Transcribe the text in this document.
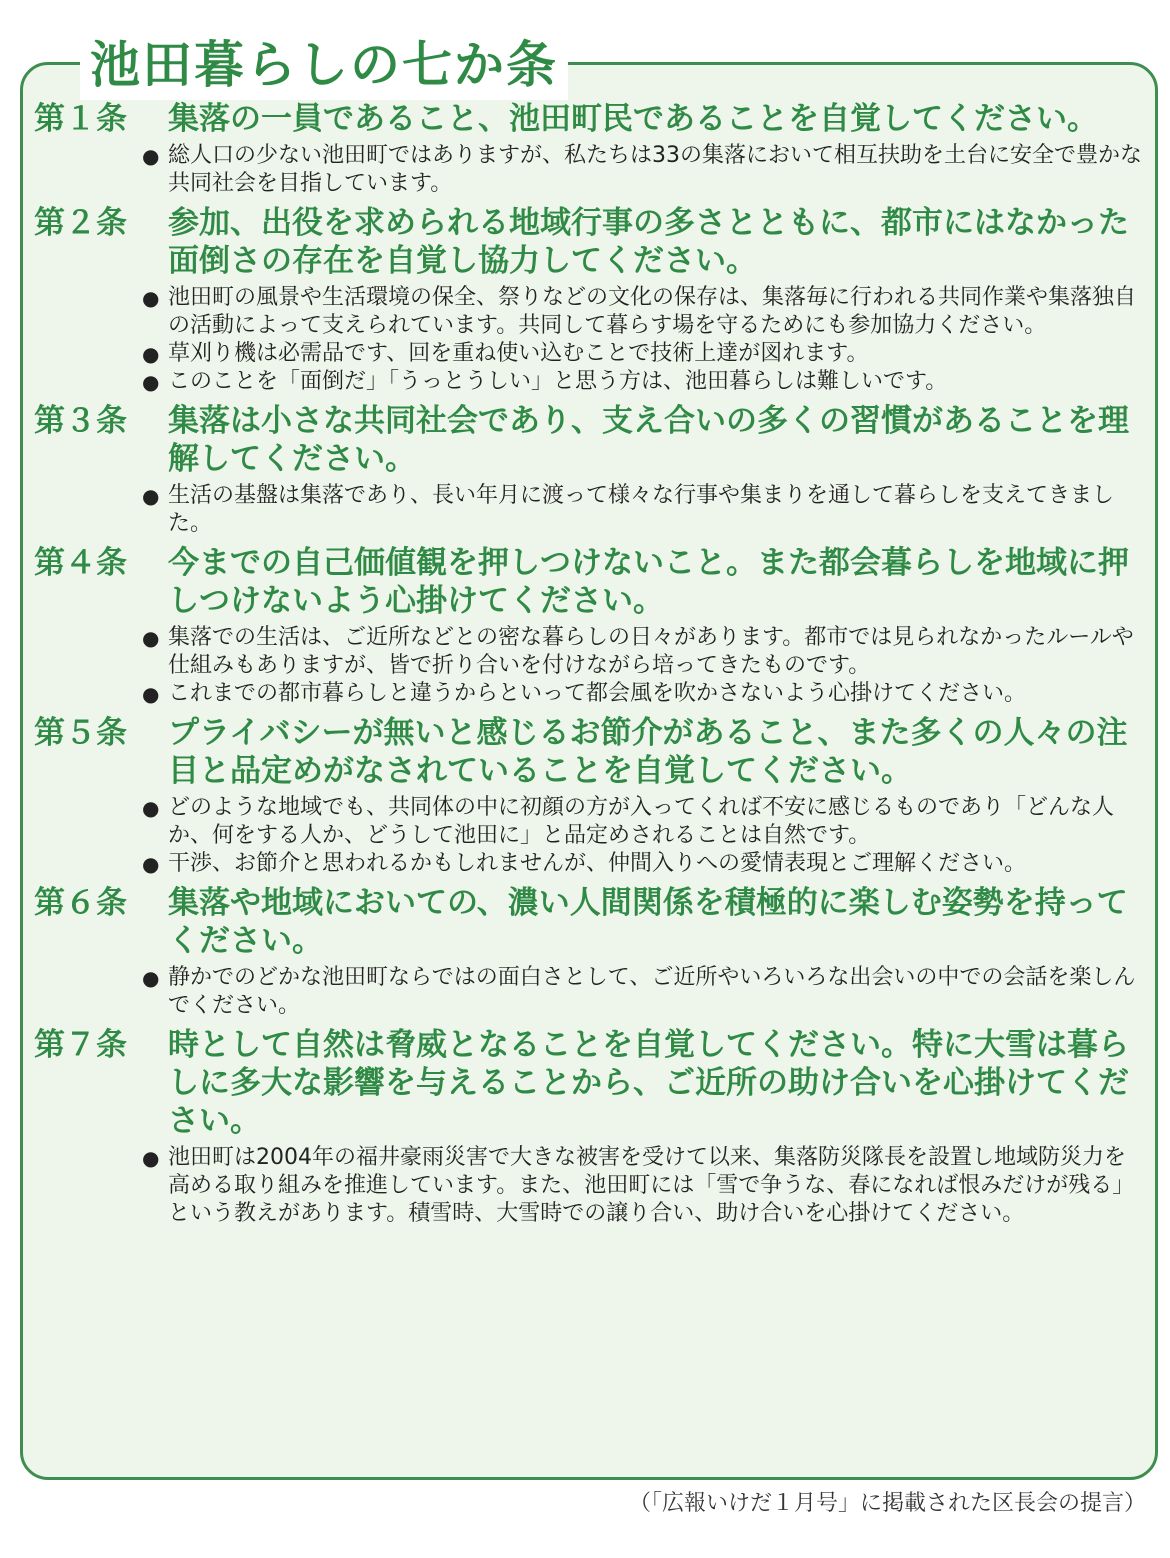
池田暮らしの七か条
第１条	集落の一員であること、池田町民であることを自覚してください。
● 総人口の少ない池田町ではありますが、私たちは33の集落において相互扶助を土台に安全で豊かな共同社会を目指しています。
第２条	参加、出役を求められる地域行事の多さとともに、都市にはなかった面倒さの存在を自覚し協力してください。
● 池田町の風景や生活環境の保全、祭りなどの文化の保存は、集落毎に行われる共同作業や集落独自の活動によって支えられています。共同して暮らす場を守るためにも参加協力ください。
● 草刈り機は必需品です、回を重ね使い込むことで技術上達が図れます。
● このことを「面倒だ」「うっとうしい」と思う方は、池田暮らしは難しいです。
第３条	集落は小さな共同社会であり、支え合いの多くの習慣があることを理解してください。
● 生活の基盤は集落であり、長い年月に渡って様々な行事や集まりを通して暮らしを支えてきました。
第４条	今までの自己価値観を押しつけないこと。また都会暮らしを地域に押しつけないよう心掛けてください。
● 集落での生活は、ご近所などとの密な暮らしの日々があります。都市では見られなかったルールや仕組みもありますが、皆で折り合いを付けながら培ってきたものです。
● これまでの都市暮らしと違うからといって都会風を吹かさないよう心掛けてください。
第５条	プライバシーが無いと感じるお節介があること、また多くの人々の注目と品定めがなされていることを自覚してください。
● どのような地域でも、共同体の中に初顔の方が入ってくれば不安に感じるものであり「どんな人か、何をする人か、どうして池田に」と品定めされることは自然です。
● 干渉、お節介と思われるかもしれませんが、仲間入りへの愛情表現とご理解ください。
第６条	集落や地域においての、濃い人間関係を積極的に楽しむ姿勢を持ってください。
● 静かでのどかな池田町ならではの面白さとして、ご近所やいろいろな出会いの中での会話を楽しんでください。
第７条	時として自然は脅威となることを自覚してください。特に大雪は暮らしに多大な影響を与えることから、ご近所の助け合いを心掛けてください。
● 池田町は2004年の福井豪雨災害で大きな被害を受けて以来、集落防災隊長を設置し地域防災力を高める取り組みを推進しています。また、池田町には「雪で争うな、春になれば恨みだけが残る」という教えがあります。積雪時、大雪時での譲り合い、助け合いを心掛けてください。
（「広報いけだ１月号」に掲載された区長会の提言）
